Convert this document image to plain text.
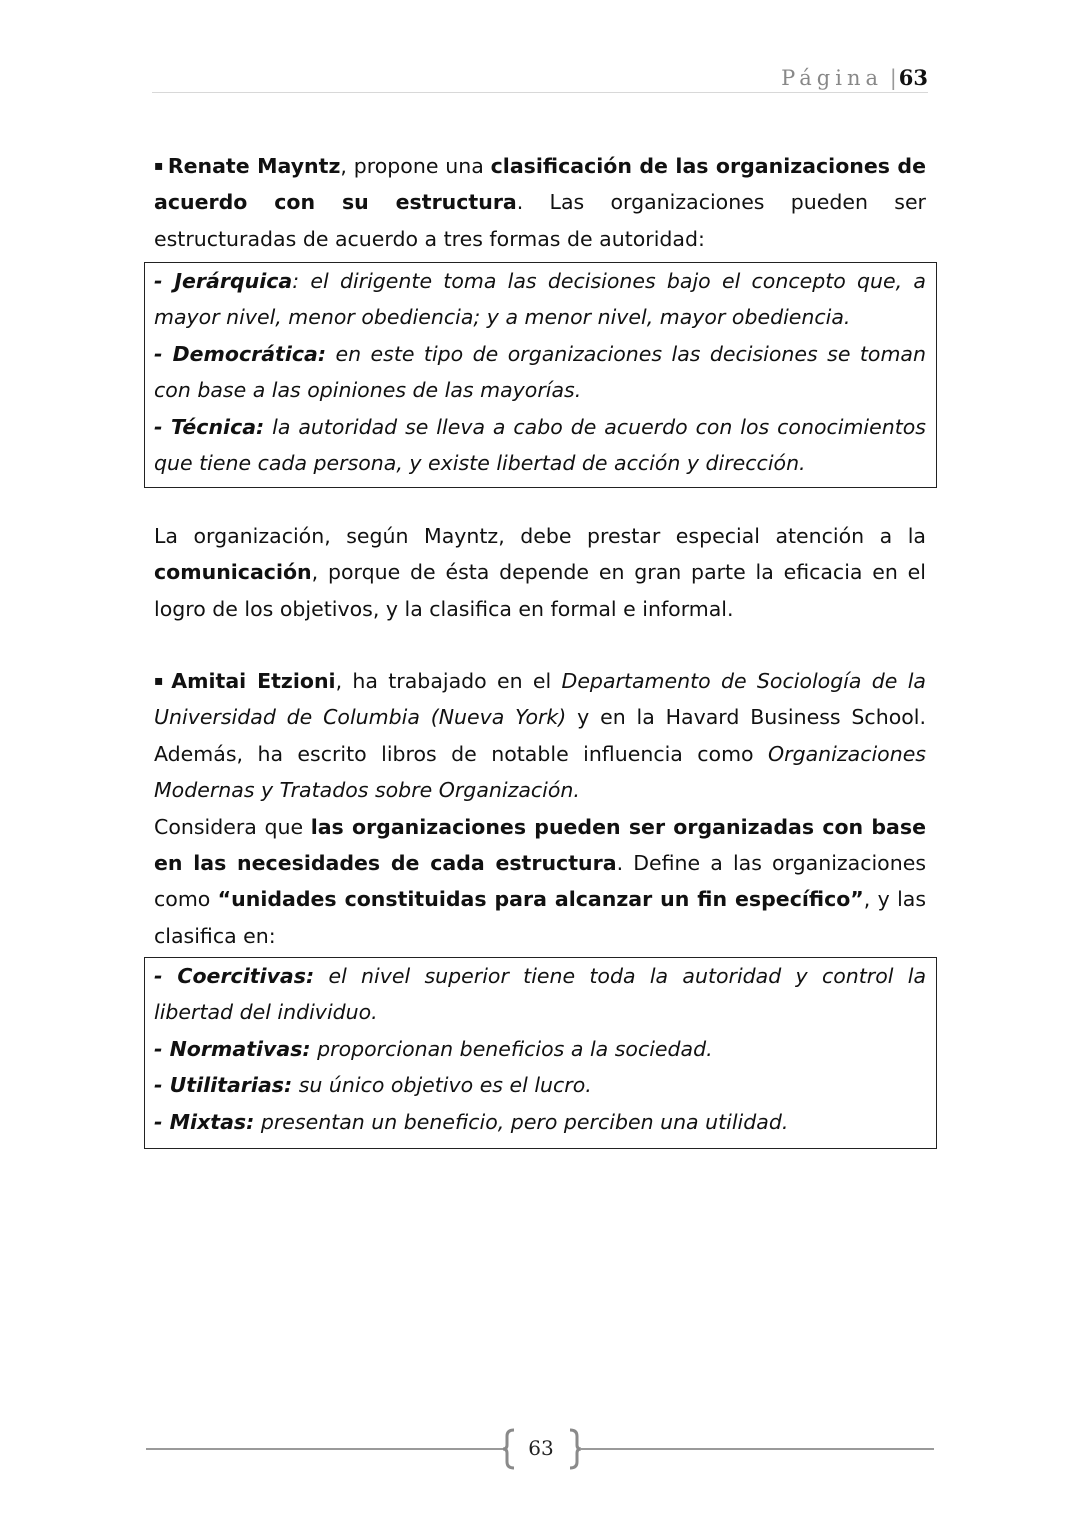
Página |63

▪ Renate Mayntz, propone una clasificación de las organizaciones de acuerdo con su estructura. Las organizaciones pueden ser estructuradas de acuerdo a tres formas de autoridad:

- Jerárquica: el dirigente toma las decisiones bajo el concepto que, a mayor nivel, menor obediencia; y a menor nivel, mayor obediencia.

- Democrática: en este tipo de organizaciones las decisiones se toman con base a las opiniones de las mayorías.

- Técnica: la autoridad se lleva a cabo de acuerdo con los conocimientos que tiene cada persona, y existe libertad de acción y dirección.

La organización, según Mayntz, debe prestar especial atención a la comunicación, porque de ésta depende en gran parte la eficacia en el logro de los objetivos, y la clasifica en formal e informal.

▪ Amitai Etzioni, ha trabajado en el Departamento de Sociología de la Universidad de Columbia (Nueva York) y en la Havard Business School. Además, ha escrito libros de notable influencia como Organizaciones Modernas y Tratados sobre Organización.

Considera que las organizaciones pueden ser organizadas con base en las necesidades de cada estructura. Define a las organizaciones como “unidades constituidas para alcanzar un fin específico”, y las clasifica en:

- Coercitivas: el nivel superior tiene toda la autoridad y control la libertad del individuo.

- Normativas: proporcionan beneficios a la sociedad.

- Utilitarias: su único objetivo es el lucro.

- Mixtas: presentan un beneficio, pero perciben una utilidad.

63
